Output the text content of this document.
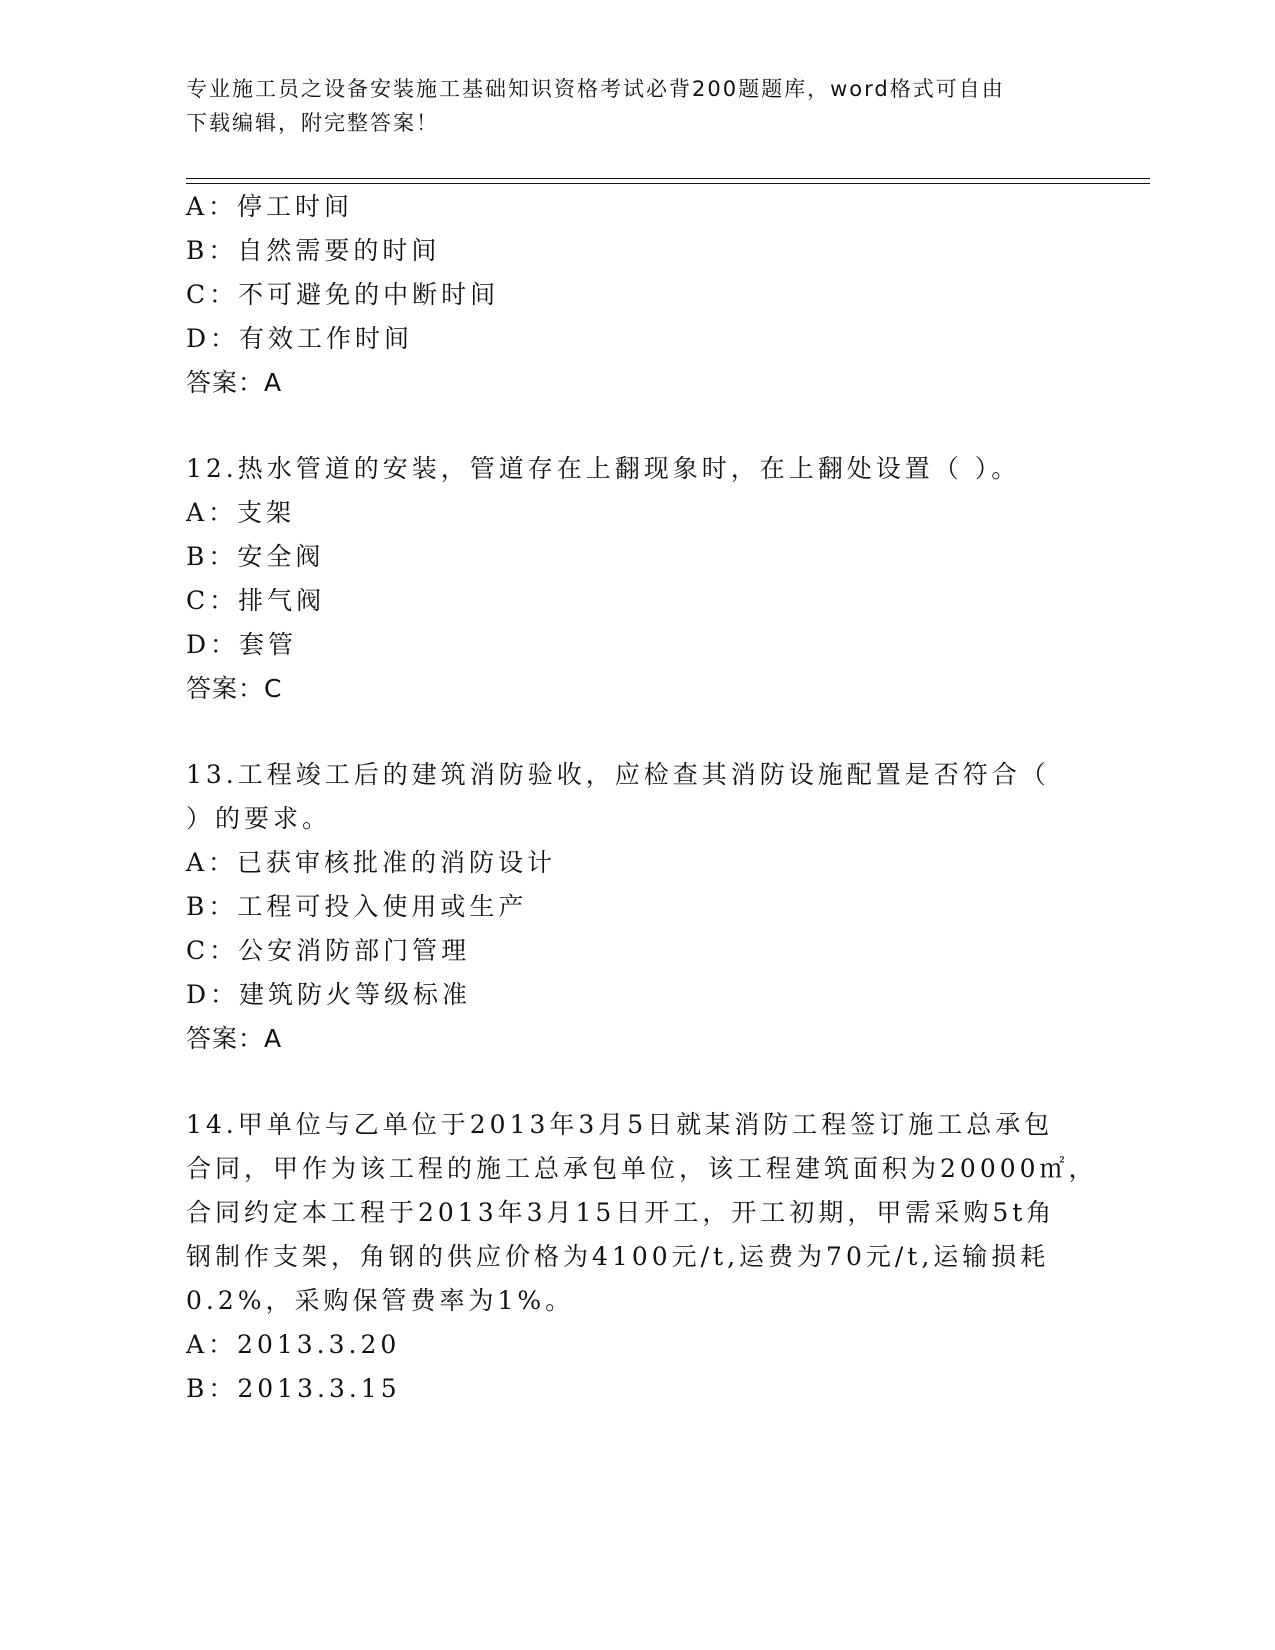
专业施工员之设备安装施工基础知识资格考试必背200题题库，word格式可自由
下载编辑，附完整答案！
A：停工时间
B：自然需要的时间
C：不可避免的中断时间
D：有效工作时间
答案：A
12.热水管道的安装，管道存在上翻现象时，在上翻处设置（ ）。
A：支架
B：安全阀
C：排气阀
D：套管
答案：C
13.工程竣工后的建筑消防验收，应检查其消防设施配置是否符合（
）的要求。
A：已获审核批准的消防设计
B：工程可投入使用或生产
C：公安消防部门管理
D：建筑防火等级标准
答案：A
14.甲单位与乙单位于2013年3月5日就某消防工程签订施工总承包
合同，甲作为该工程的施工总承包单位，该工程建筑面积为20000㎡，
合同约定本工程于2013年3月15日开工，开工初期，甲需采购5t角
钢制作支架，角钢的供应价格为4100元/t,运费为70元/t,运输损耗
0.2%，采购保管费率为1%。
A：2013.3.20
B：2013.3.15
